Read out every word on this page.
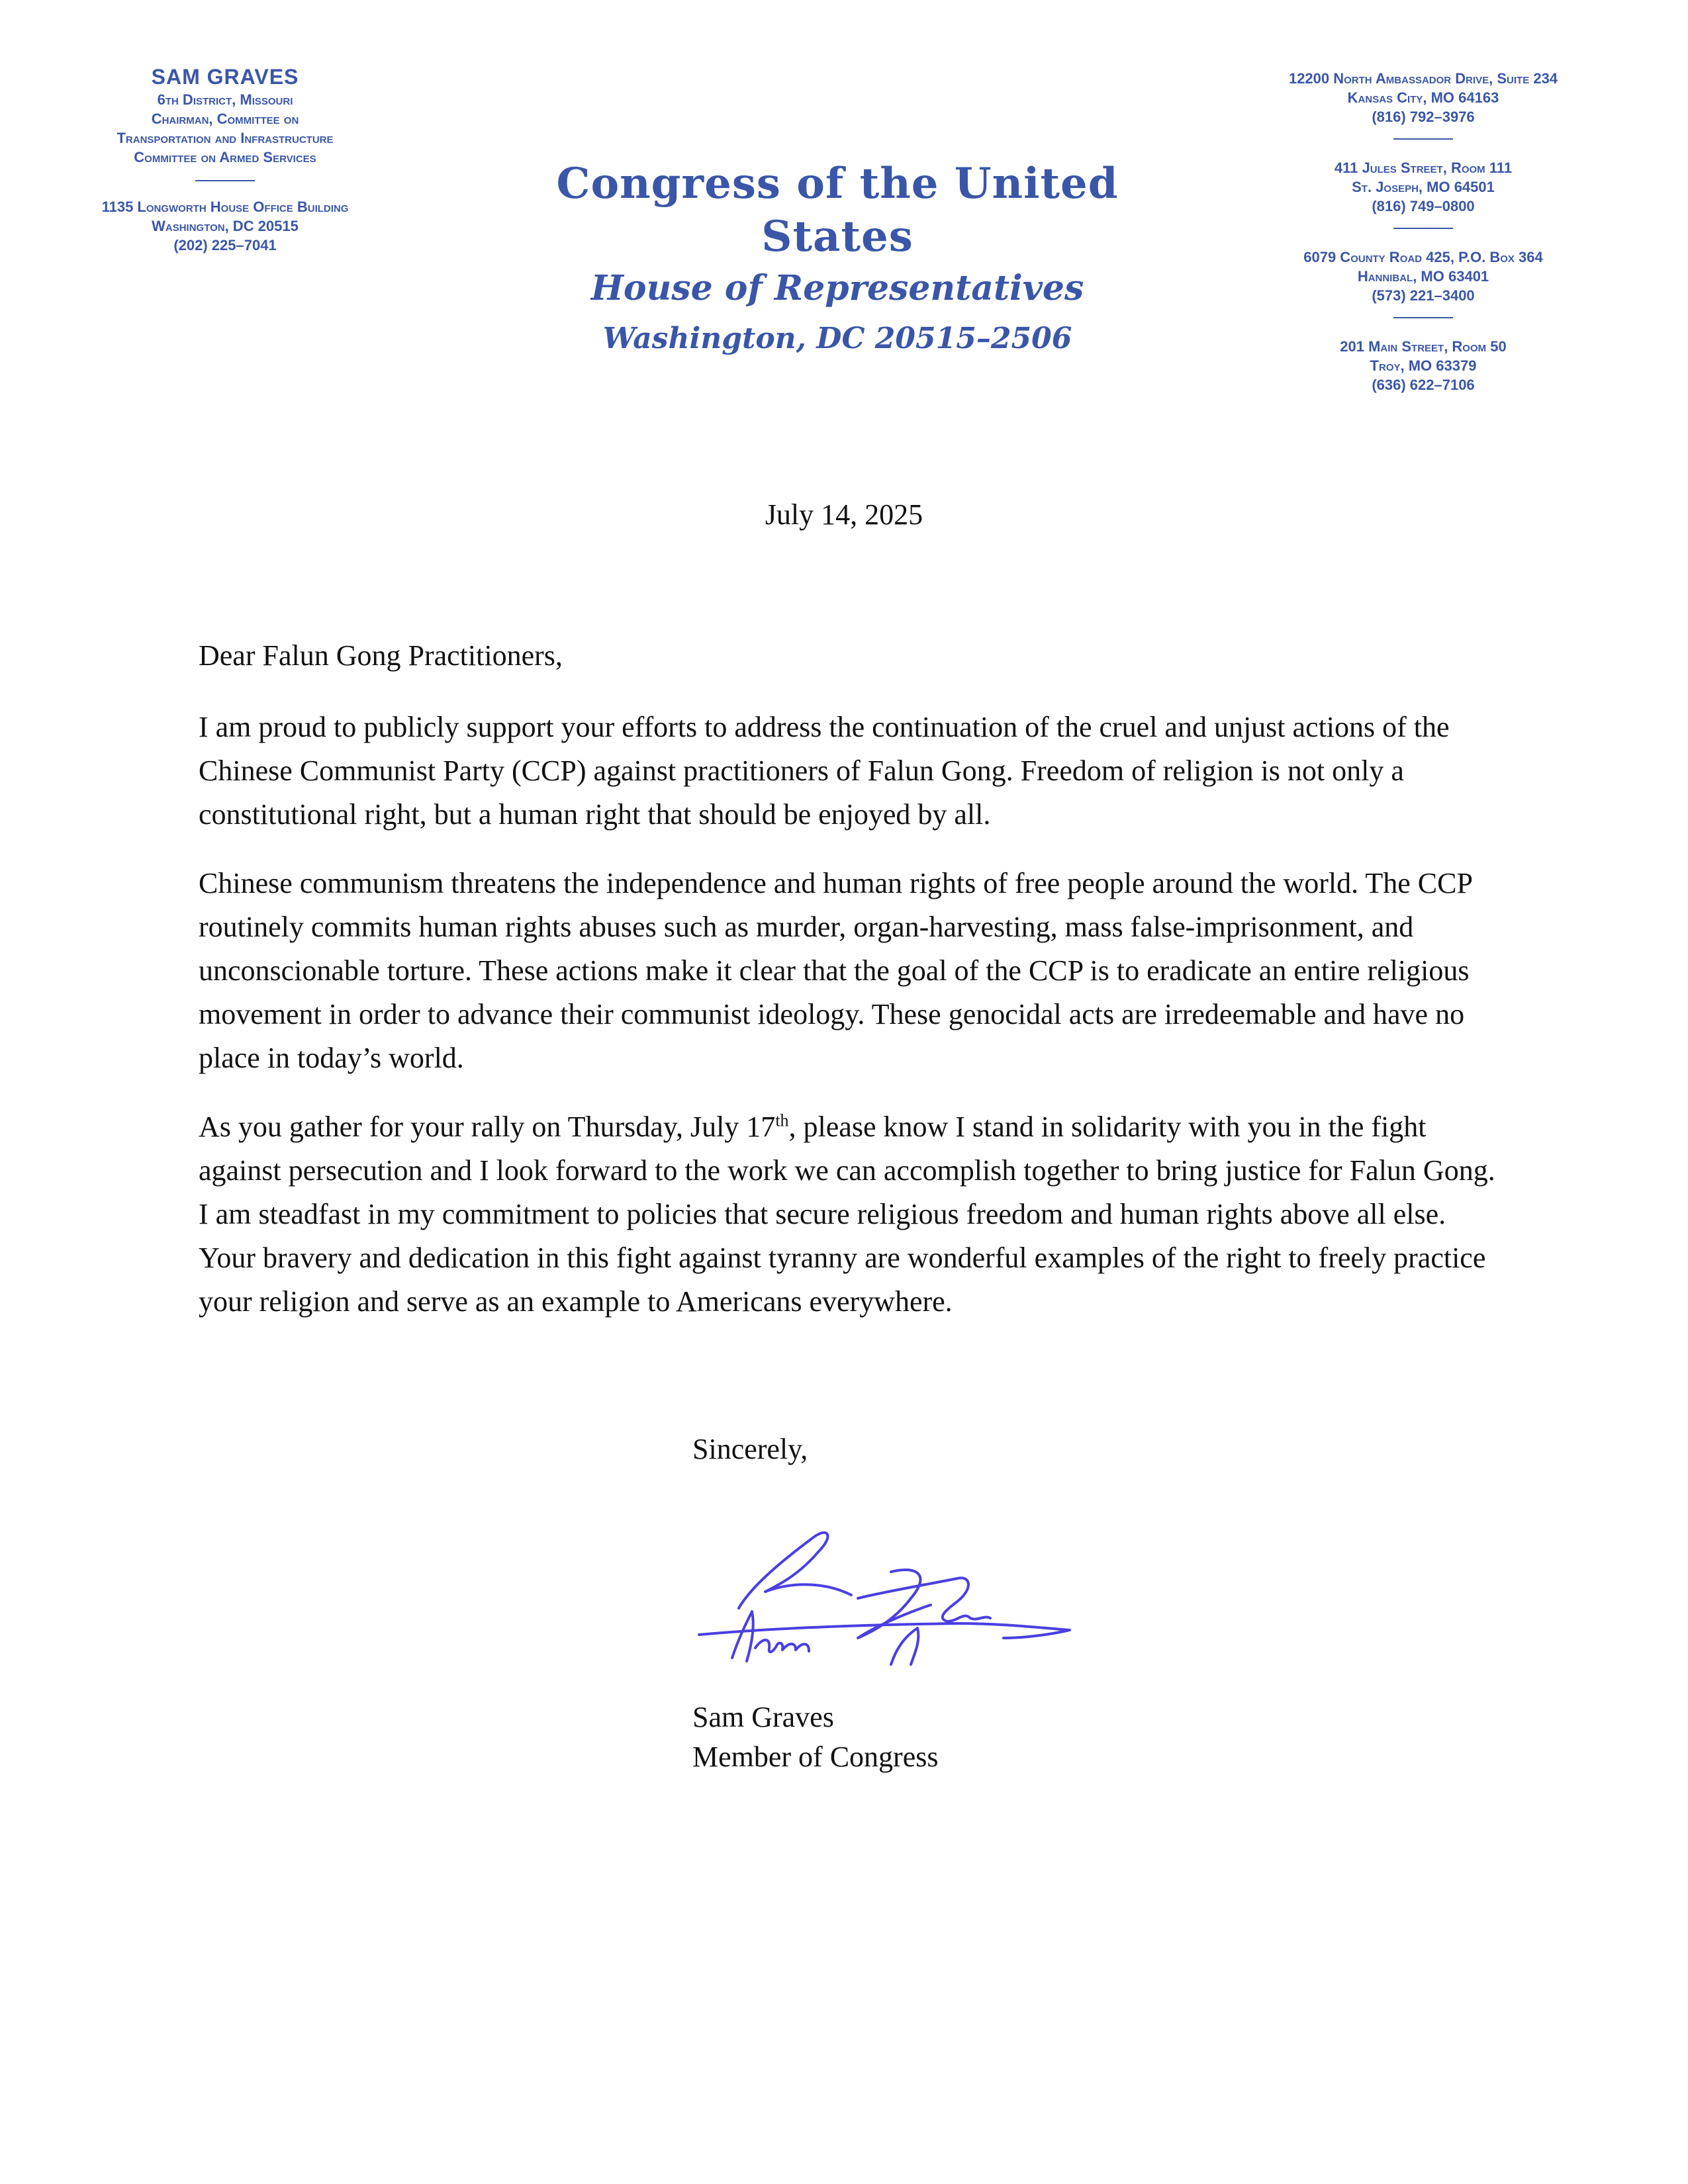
SAM GRAVES
6th District, Missouri
Chairman, Committee on
Transportation and Infrastructure
Committee on Armed Services
1135 Longworth House Office Building
Washington, DC 20515
(202) 225–7041
Congress of the United States
House of Representatives
Washington, DC 20515–2506
12200 North Ambassador Drive, Suite 234
Kansas City, MO 64163
(816) 792–3976
411 Jules Street, Room 111
St. Joseph, MO 64501
(816) 749–0800
6079 County Road 425, P.O. Box 364
Hannibal, MO 63401
(573) 221–3400
201 Main Street, Room 50
Troy, MO 63379
(636) 622–7106
July 14, 2025

Dear Falun Gong Practitioners,

I am proud to publicly support your efforts to address the continuation of the cruel and unjust actions of the Chinese Communist Party (CCP) against practitioners of Falun Gong. Freedom of religion is not only a constitutional right, but a human right that should be enjoyed by all.

Chinese communism threatens the independence and human rights of free people around the world. The CCP routinely commits human rights abuses such as murder, organ-harvesting, mass false-imprisonment, and unconscionable torture. These actions make it clear that the goal of the CCP is to eradicate an entire religious movement in order to advance their communist ideology. These genocidal acts are irredeemable and have no place in today’s world.

As you gather for your rally on Thursday, July 17th, please know I stand in solidarity with you in the fight against persecution and I look forward to the work we can accomplish together to bring justice for Falun Gong. I am steadfast in my commitment to policies that secure religious freedom and human rights above all else. Your bravery and dedication in this fight against tyranny are wonderful examples of the right to freely practice your religion and serve as an example to Americans everywhere.

Sincerely,
Sam Graves
Member of Congress
